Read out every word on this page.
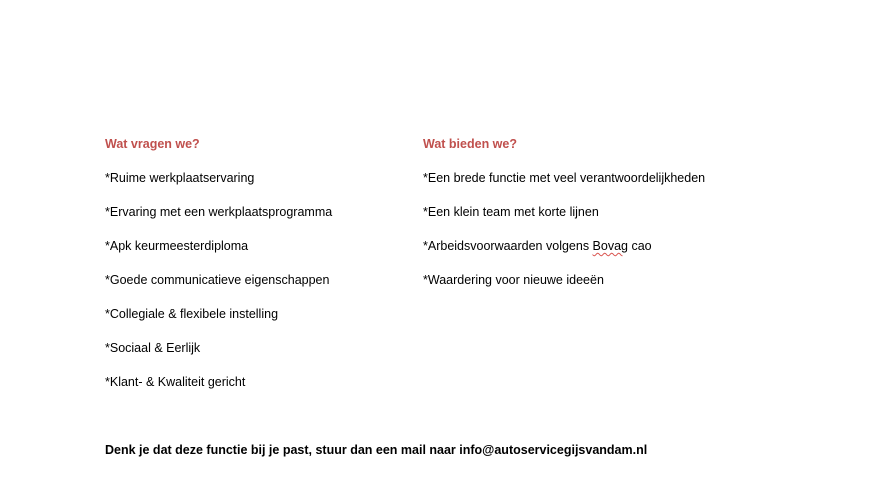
Wat vragen we?
*Ruime werkplaatservaring
*Ervaring met een werkplaatsprogramma
*Apk keurmeesterdiploma
*Goede communicatieve eigenschappen
*Collegiale & flexibele instelling
*Sociaal & Eerlijk
*Klant- & Kwaliteit gericht
Wat bieden we?
*Een brede functie met veel verantwoordelijkheden
*Een klein team met korte lijnen
*Arbeidsvoorwaarden volgens Bovag cao
*Waardering voor nieuwe ideeën
Denk je dat deze functie bij je past, stuur dan een mail naar info@autoservicegijsvandam.nl
